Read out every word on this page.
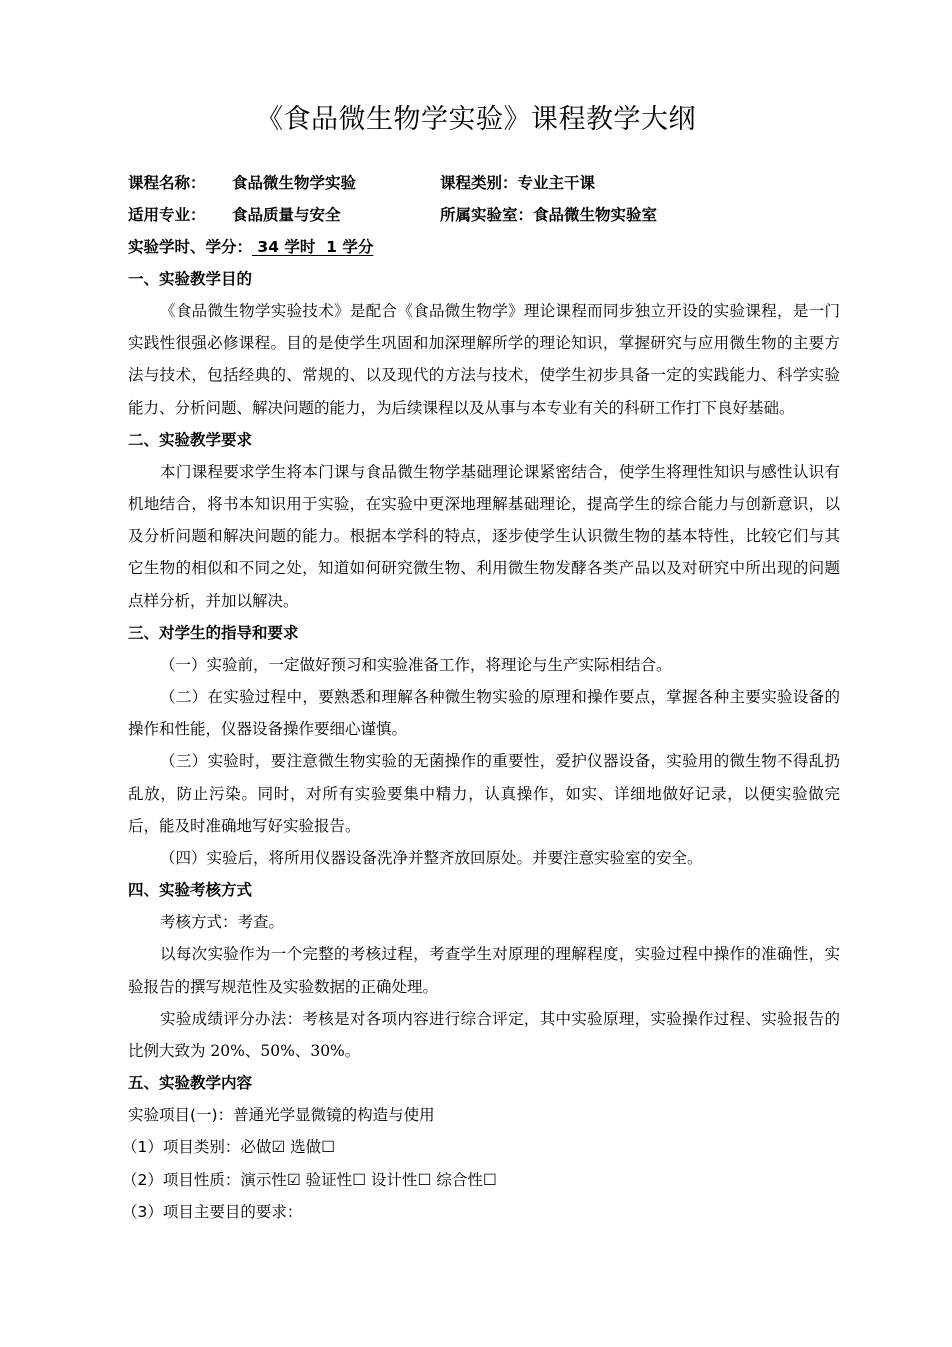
《食品微生物学实验》课程教学大纲
课程名称：	食品微生物学实验	课程类别：专业主干课
适用专业：	食品质量与安全	所属实验室：食品微生物实验室
实验学时、学分： 34 学时  1 学分
一、实验教学目的

《食品微生物学实验技术》是配合《食品微生物学》理论课程而同步独立开设的实验课程，是一门实践性很强必修课程。目的是使学生巩固和加深理解所学的理论知识，掌握研究与应用微生物的主要方法与技术，包括经典的、常规的、以及现代的方法与技术，使学生初步具备一定的实践能力、科学实验能力、分析问题、解决问题的能力，为后续课程以及从事与本专业有关的科研工作打下良好基础。

二、实验教学要求

本门课程要求学生将本门课与食品微生物学基础理论课紧密结合，使学生将理性知识与感性认识有机地结合，将书本知识用于实验，在实验中更深地理解基础理论，提高学生的综合能力与创新意识，以及分析问题和解决问题的能力。根据本学科的特点，逐步使学生认识微生物的基本特性，比较它们与其它生物的相似和不同之处，知道如何研究微生物、利用微生物发酵各类产品以及对研究中所出现的问题点样分析，并加以解决。

三、对学生的指导和要求

（一）实验前，一定做好预习和实验准备工作，将理论与生产实际相结合。

（二）在实验过程中，要熟悉和理解各种微生物实验的原理和操作要点，掌握各种主要实验设备的操作和性能，仪器设备操作要细心谨慎。

（三）实验时，要注意微生物实验的无菌操作的重要性，爱护仪器设备，实验用的微生物不得乱扔乱放，防止污染。同时，对所有实验要集中精力，认真操作，如实、详细地做好记录，以便实验做完后，能及时准确地写好实验报告。

（四）实验后，将所用仪器设备洗净并整齐放回原处。并要注意实验室的安全。

四、实验考核方式

考核方式：考查。

以每次实验作为一个完整的考核过程，考查学生对原理的理解程度，实验过程中操作的准确性，实验报告的撰写规范性及实验数据的正确处理。

实验成绩评分办法：考核是对各项内容进行综合评定，其中实验原理，实验操作过程、实验报告的比例大致为 20%、50%、30%。

五、实验教学内容

实验项目(一)：普通光学显微镜的构造与使用

（1）项目类别：必做☑ 选做☐

（2）项目性质：演示性☑ 验证性☐ 设计性☐ 综合性☐

（3）项目主要目的要求：
